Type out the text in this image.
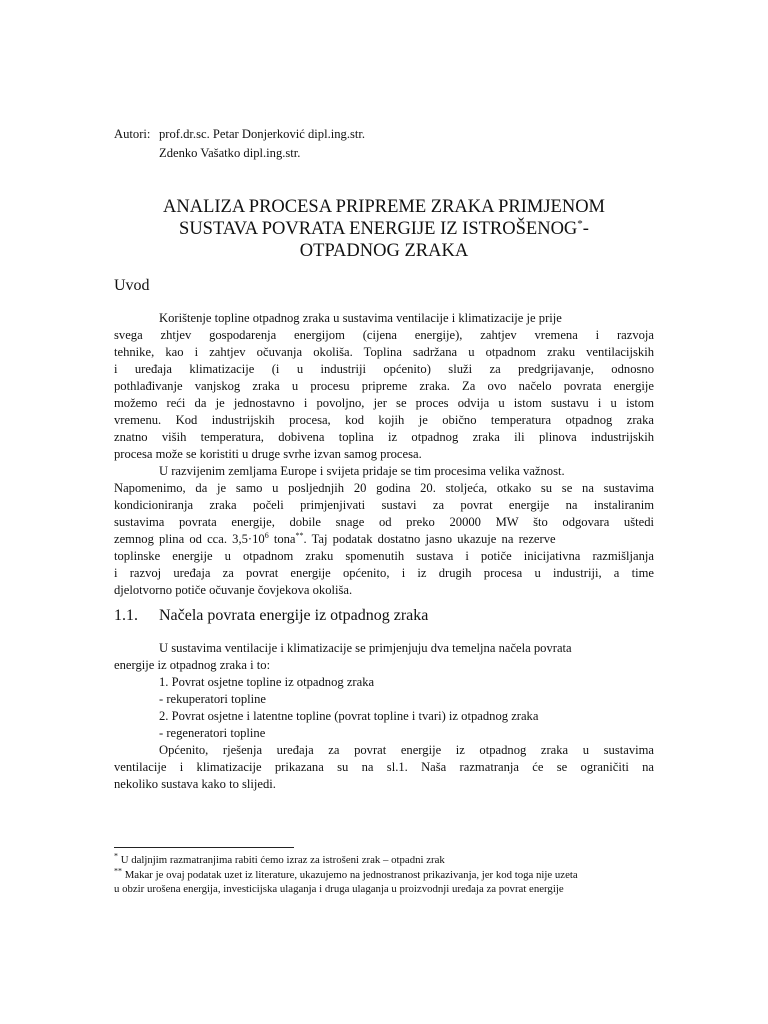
Autori: prof.dr.sc. Petar Donjerković dipl.ing.str.
Zdenko Vašatko dipl.ing.str.
ANALIZA PROCESA PRIPREME ZRAKA PRIMJENOM
SUSTAVA POVRATA ENERGIJE IZ ISTROŠENOG*-
OTPADNOG ZRAKA
Uvod
Korištenje topline otpadnog zraka u sustavima ventilacije i klimatizacije je prije
svega zhtjev gospodarenja energijom (cijena energije), zahtjev vremena i razvoja
tehnike, kao i zahtjev očuvanja okoliša. Toplina sadržana u otpadnom zraku ventilacijskih
i uređaja klimatizacije (i u industriji općenito) služi za predgrijavanje, odnosno
pothlađivanje vanjskog zraka u procesu pripreme zraka. Za ovo načelo povrata energije
možemo reći da je jednostavno i povoljno, jer se proces odvija u istom sustavu i u istom
vremenu. Kod industrijskih procesa, kod kojih je obično temperatura otpadnog zraka
znatno viših temperatura, dobivena toplina iz otpadnog zraka ili plinova industrijskih
procesa može se koristiti u druge svrhe izvan samog procesa.
U razvijenim zemljama Europe i svijeta pridaje se tim procesima velika važnost.
Napomenimo, da je samo u posljednjih 20 godina 20. stoljeća, otkako su se na sustavima
kondicioniranja zraka počeli primjenjivati sustavi za povrat energije na instaliranim
sustavima povrata energije, dobile snage od preko 20000 MW što odgovara uštedi
zemnog plina od cca. $3,5\cdot 10^6$ tona**. Taj podatak dostatno jasno ukazuje na rezerve
toplinske energije u otpadnom zraku spomenutih sustava i potiče inicijativna razmišljanja
i razvoj uređaja za povrat energije općenito, i iz drugih procesa u industriji, a time
djelotvorno potiče očuvanje čovjekova okoliša.
1.1. Načela povrata energije iz otpadnog zraka
U sustavima ventilacije i klimatizacije se primjenjuju dva temeljna načela povrata
energije iz otpadnog zraka i to:
1. Povrat osjetne topline iz otpadnog zraka
- rekuperatori topline
2. Povrat osjetne i latentne topline (povrat topline i tvari) iz otpadnog zraka
- regeneratori topline
Općenito, rješenja uređaja za povrat energije iz otpadnog zraka u sustavima
ventilacije i klimatizacije prikazana su na sl.1. Naša razmatranja će se ograničiti na
nekoliko sustava kako to slijedi.
* U daljnjim razmatranjima rabiti ćemo izraz za istrošeni zrak – otpadni zrak
** Makar je ovaj podatak uzet iz literature, ukazujemo na jednostranost prikazivanja, jer kod toga nije uzeta
u obzir urošena energija, investicijska ulaganja i druga ulaganja u proizvodnji uređaja za povrat energije
